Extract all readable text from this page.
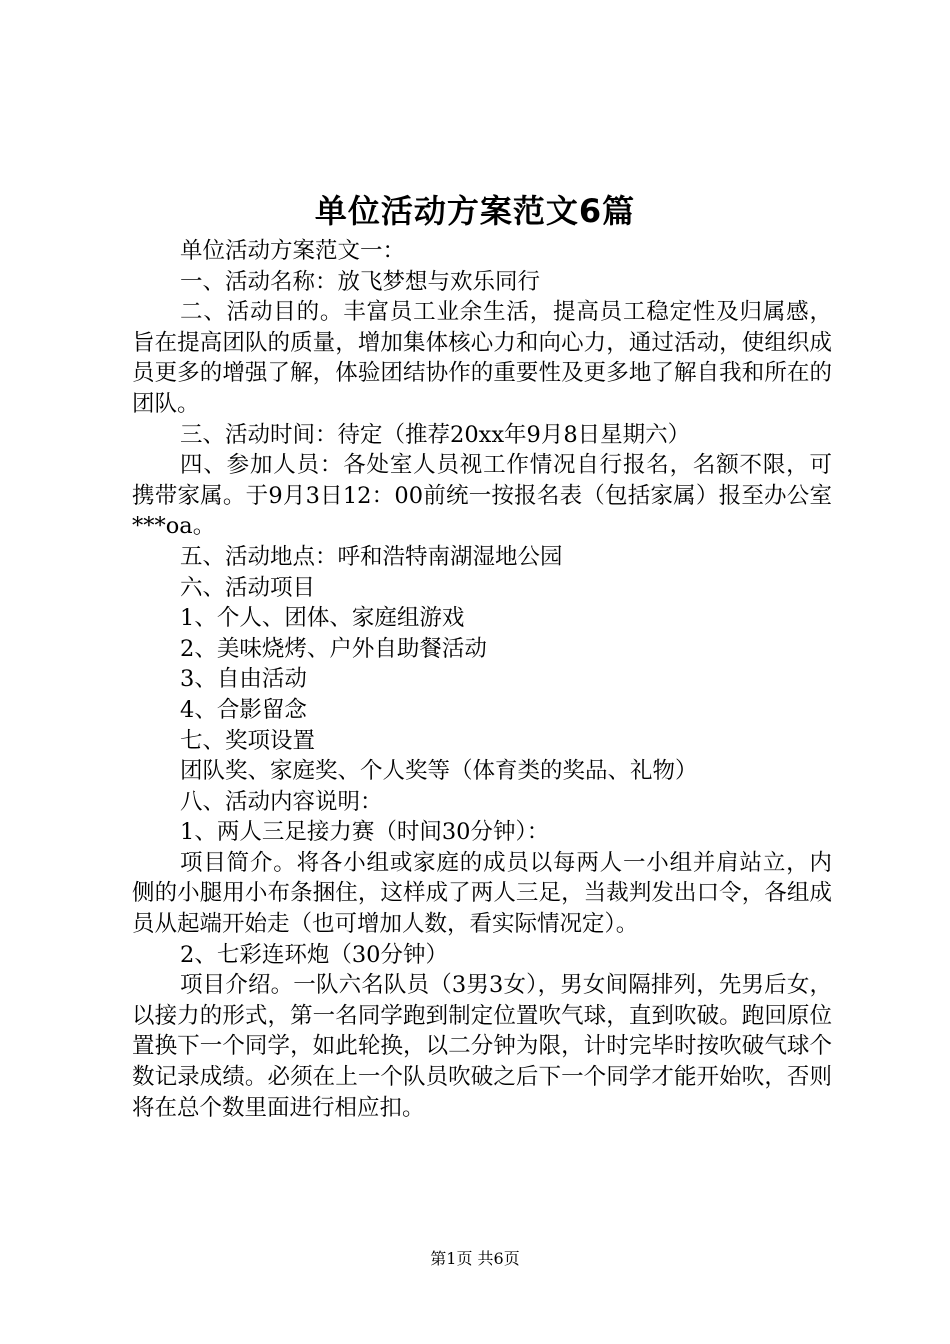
单位活动方案范文6篇

单位活动方案范文一：

一、活动名称：放飞梦想与欢乐同行

二、活动目的。丰富员工业余生活，提高员工稳定性及归属感，旨在提高团队的质量，增加集体核心力和向心力，通过活动，使组织成员更多的增强了解，体验团结协作的重要性及更多地了解自我和所在的团队。

三、活动时间：待定（推荐20xx年9月8日星期六）

四、参加人员：各处室人员视工作情况自行报名，名额不限，可携带家属。于9月3日12：00前统一按报名表（包括家属）报至办公室***oa。

五、活动地点：呼和浩特南湖湿地公园

六、活动项目

1、个人、团体、家庭组游戏

2、美味烧烤、户外自助餐活动

3、自由活动

4、合影留念

七、奖项设置

团队奖、家庭奖、个人奖等（体育类的奖品、礼物）

八、活动内容说明：

1、两人三足接力赛（时间30分钟）：

项目简介。将各小组或家庭的成员以每两人一小组并肩站立，内侧的小腿用小布条捆住，这样成了两人三足，当裁判发出口令，各组成员从起端开始走（也可增加人数，看实际情况定）。

2、七彩连环炮（30分钟）

项目介绍。一队六名队员（3男3女），男女间隔排列，先男后女，以接力的形式，第一名同学跑到制定位置吹气球，直到吹破。跑回原位置换下一个同学，如此轮换，以二分钟为限，计时完毕时按吹破气球个数记录成绩。必须在上一个队员吹破之后下一个同学才能开始吹，否则将在总个数里面进行相应扣。

第1页 共6页
